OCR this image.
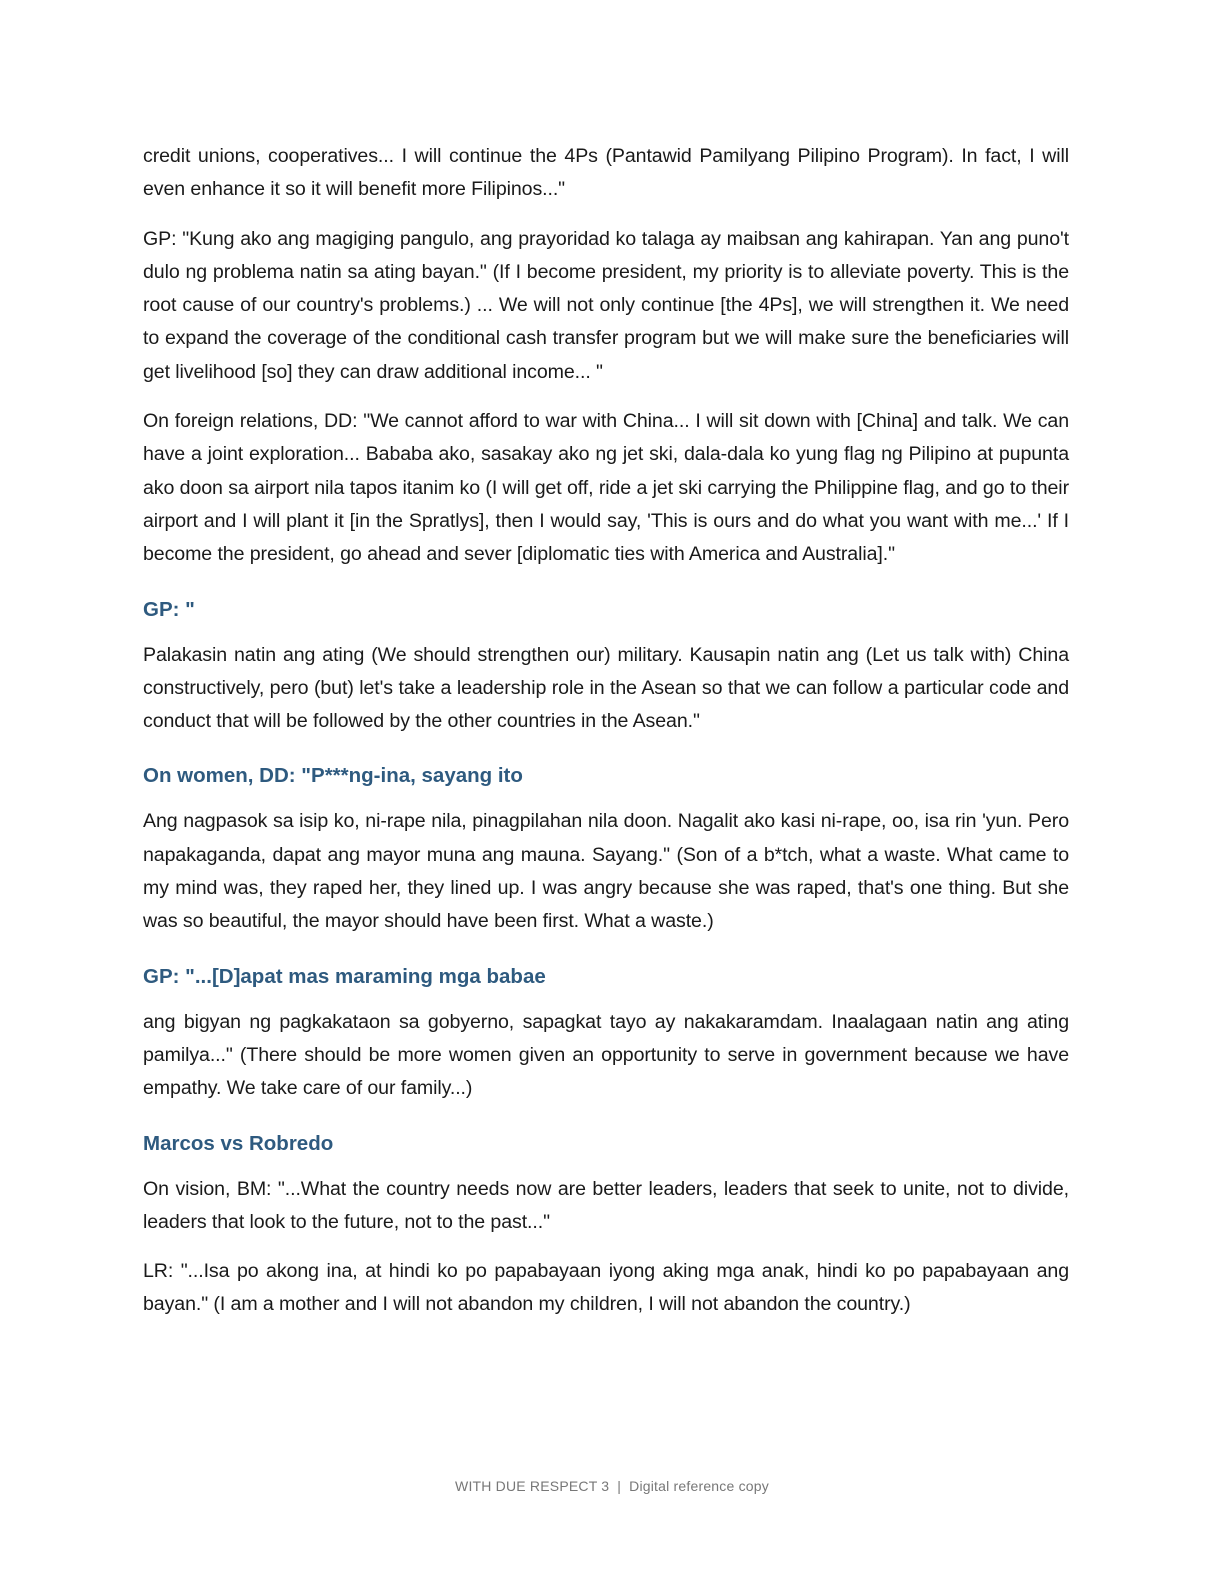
credit unions, cooperatives... I will continue the 4Ps (Pantawid Pamilyang Pilipino Program). In fact, I will even enhance it so it will benefit more Filipinos..."

GP: "Kung ako ang magiging pangulo, ang prayoridad ko talaga ay maibsan ang kahirapan. Yan ang puno't dulo ng problema natin sa ating bayan." (If I become president, my priority is to alleviate poverty. This is the root cause of our country's problems.) ... We will not only continue [the 4Ps], we will strengthen it. We need to expand the coverage of the conditional cash transfer program but we will make sure the beneficiaries will get livelihood [so] they can draw additional income... "

On foreign relations, DD: "We cannot afford to war with China... I will sit down with [China] and talk. We can have a joint exploration... Bababa ako, sasakay ako ng jet ski, dala-dala ko yung flag ng Pilipino at pupunta ako doon sa airport nila tapos itanim ko (I will get off, ride a jet ski carrying the Philippine flag, and go to their airport and I will plant it [in the Spratlys], then I would say, 'This is ours and do what you want with me...' If I become the president, go ahead and sever [diplomatic ties with America and Australia]."

GP: "

Palakasin natin ang ating (We should strengthen our) military. Kausapin natin ang (Let us talk with) China constructively, pero (but) let's take a leadership role in the Asean so that we can follow a particular code and conduct that will be followed by the other countries in the Asean."

On women, DD: "P***ng-ina, sayang ito

Ang nagpasok sa isip ko, ni-rape nila, pinagpilahan nila doon. Nagalit ako kasi ni-rape, oo, isa rin 'yun. Pero napakaganda, dapat ang mayor muna ang mauna. Sayang." (Son of a b*tch, what a waste. What came to my mind was, they raped her, they lined up. I was angry because she was raped, that's one thing. But she was so beautiful, the mayor should have been first. What a waste.)

GP: "...[D]apat mas maraming mga babae

ang bigyan ng pagkakataon sa gobyerno, sapagkat tayo ay nakakaramdam. Inaalagaan natin ang ating pamilya..." (There should be more women given an opportunity to serve in government because we have empathy. We take care of our family...)

Marcos vs Robredo

On vision, BM: "...What the country needs now are better leaders, leaders that seek to unite, not to divide, leaders that look to the future, not to the past..."

LR: "...Isa po akong ina, at hindi ko po papabayaan iyong aking mga anak, hindi ko po papabayaan ang bayan." (I am a mother and I will not abandon my children, I will not abandon the country.)

WITH DUE RESPECT 3 | Digital reference copy
